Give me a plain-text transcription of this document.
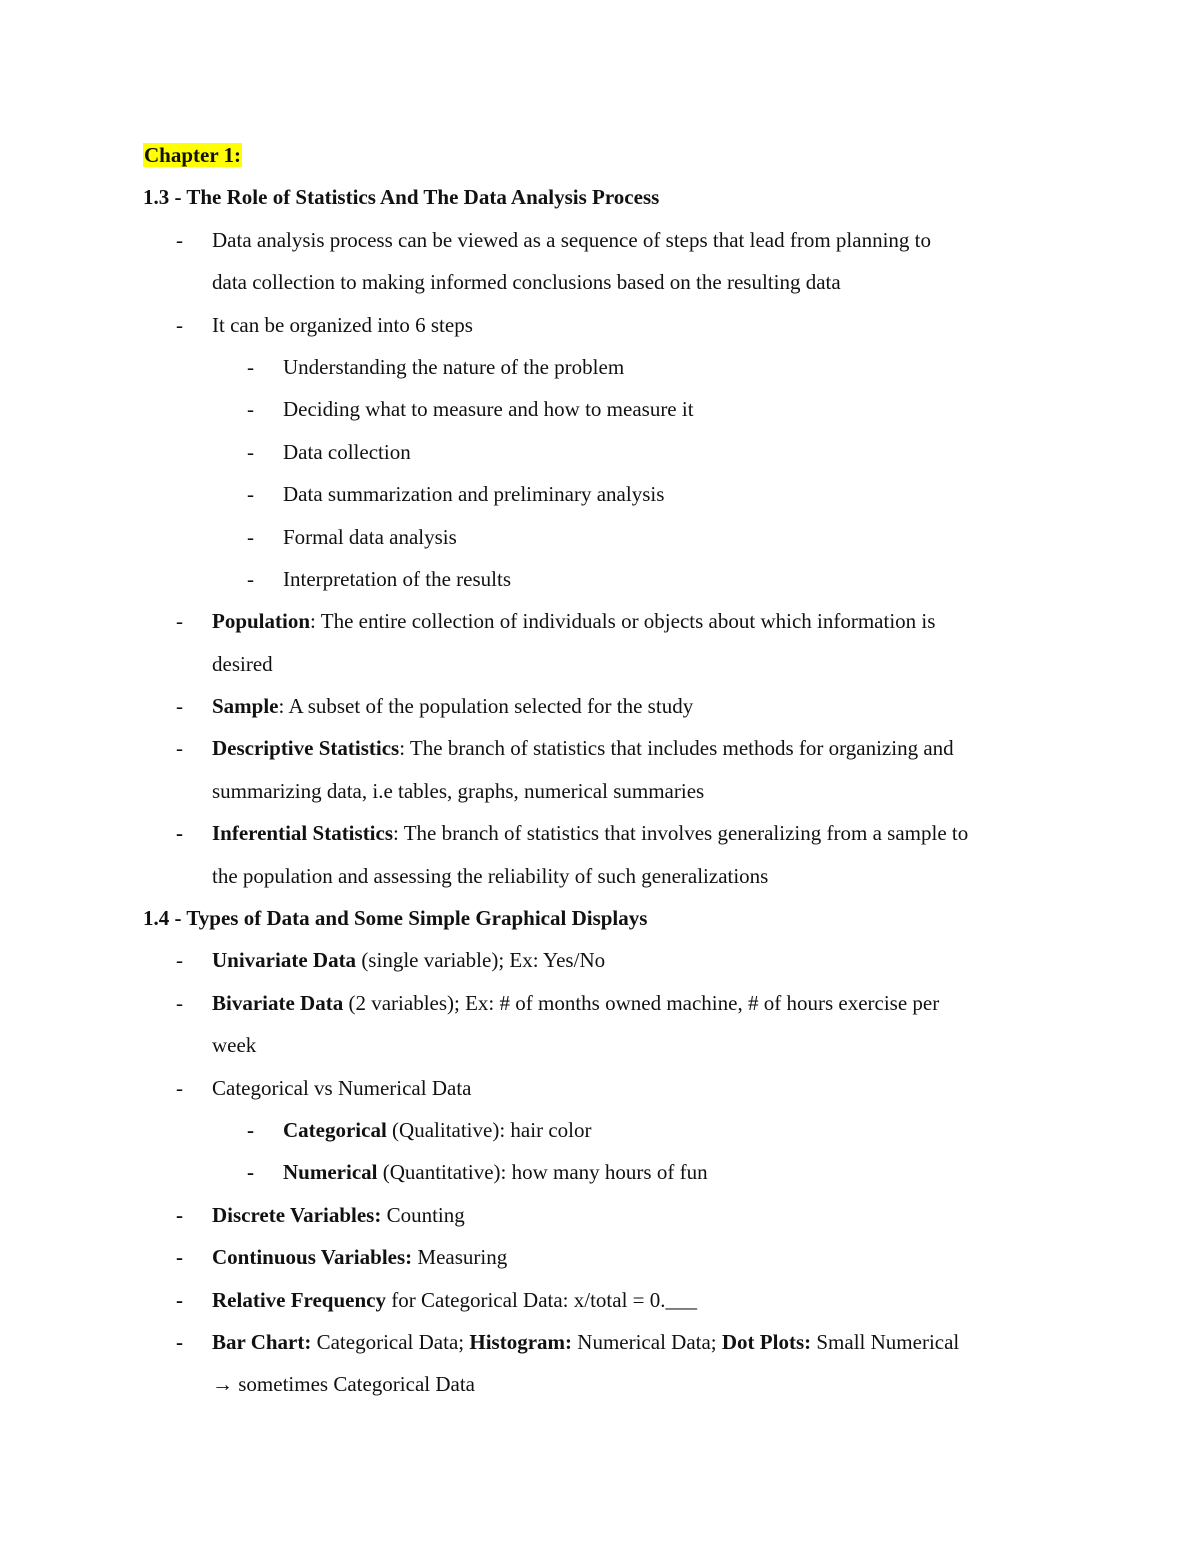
Chapter 1:
1.3 - The Role of Statistics And The Data Analysis Process
- Data analysis process can be viewed as a sequence of steps that lead from planning to
data collection to making informed conclusions based on the resulting data
- It can be organized into 6 steps
- Understanding the nature of the problem
- Deciding what to measure and how to measure it
- Data collection
- Data summarization and preliminary analysis
- Formal data analysis
- Interpretation of the results
- Population: The entire collection of individuals or objects about which information is
desired
- Sample: A subset of the population selected for the study
- Descriptive Statistics: The branch of statistics that includes methods for organizing and
summarizing data, i.e tables, graphs, numerical summaries
- Inferential Statistics: The branch of statistics that involves generalizing from a sample to
the population and assessing the reliability of such generalizations
1.4 - Types of Data and Some Simple Graphical Displays
- Univariate Data (single variable); Ex: Yes/No
- Bivariate Data (2 variables); Ex: # of months owned machine, # of hours exercise per
week
- Categorical vs Numerical Data
- Categorical (Qualitative): hair color
- Numerical (Quantitative): how many hours of fun
- Discrete Variables: Counting
- Continuous Variables: Measuring
- Relative Frequency for Categorical Data: x/total = 0.___
- Bar Chart: Categorical Data; Histogram: Numerical Data; Dot Plots: Small Numerical
→ sometimes Categorical Data
